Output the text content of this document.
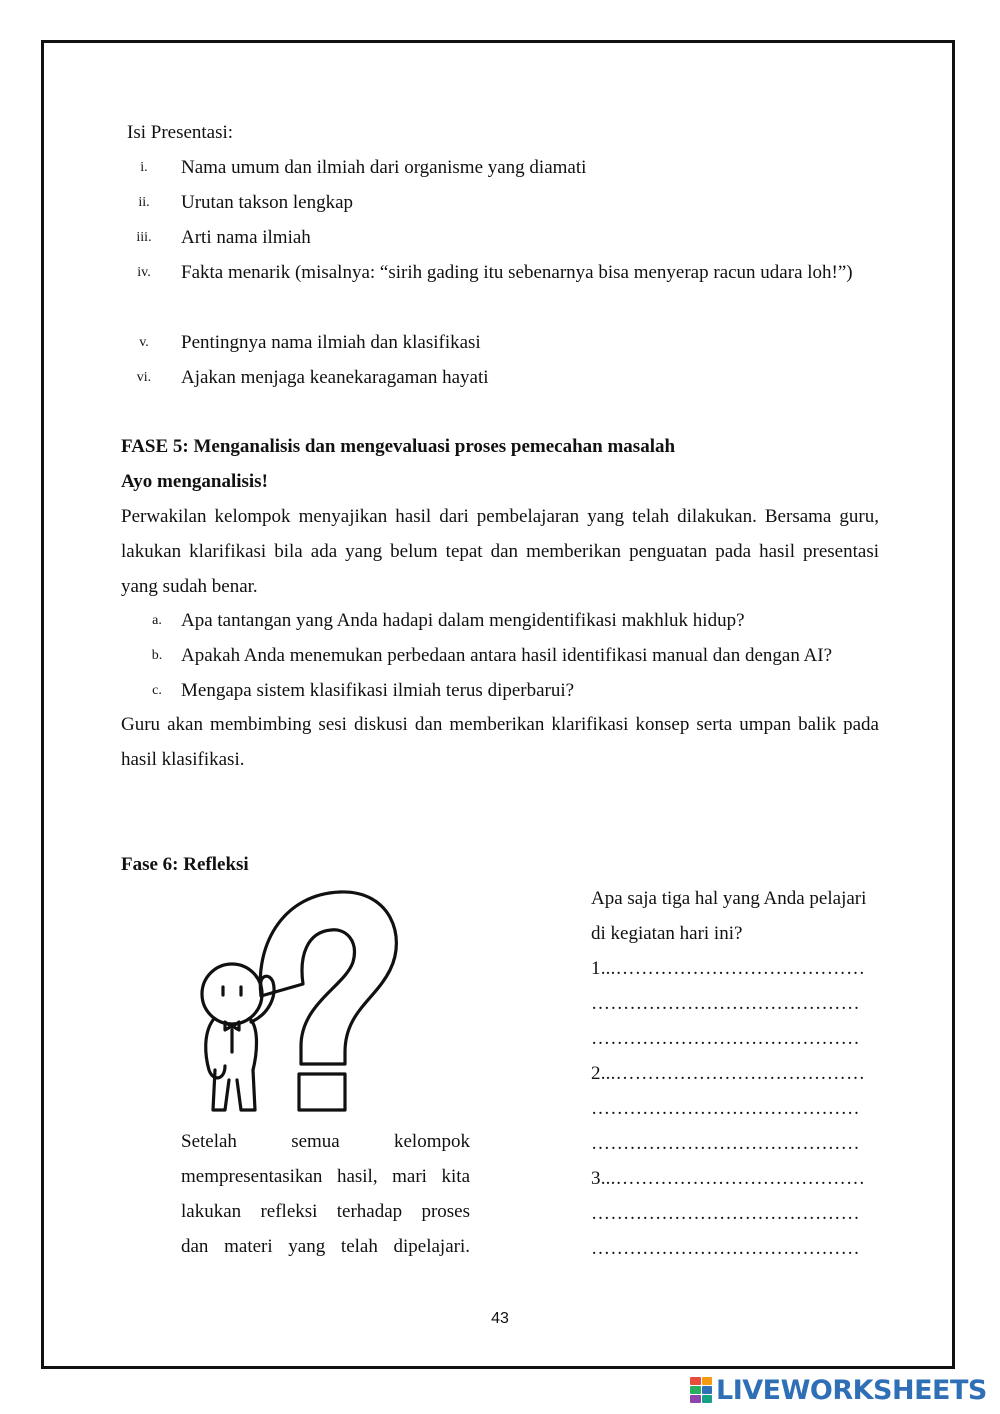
Isi Presentasi:

i.	Nama umum dan ilmiah dari organisme yang diamati
ii.	Urutan takson lengkap
iii.	Arti nama ilmiah
iv.	Fakta menarik (misalnya: “sirih gading itu sebenarnya bisa menyerap racun udara loh!”)
v.	Pentingnya nama ilmiah dan klasifikasi
vi.	Ajakan menjaga keanekaragaman hayati

FASE 5: Menganalisis dan mengevaluasi proses pemecahan masalah

Ayo menganalisis!

Perwakilan kelompok menyajikan hasil dari pembelajaran yang telah dilakukan. Bersama guru, lakukan klarifikasi bila ada yang belum tepat dan memberikan penguatan pada hasil presentasi yang sudah benar.
a.	Apa tantangan yang Anda hadapi dalam mengidentifikasi makhluk hidup?
b. Apakah Anda menemukan perbedaan antara hasil identifikasi manual dan dengan AI?
c.	Mengapa sistem klasifikasi ilmiah terus diperbarui?
Guru akan membimbing sesi diskusi dan memberikan klarifikasi konsep serta umpan balik pada hasil klasifikasi.

Fase 6: Refleksi

Setelah semua kelompok
mempresentasikan hasil, mari kita
lakukan refleksi terhadap proses
dan materi yang telah dipelajari.
Apa saja tiga hal yang Anda pelajari di kegiatan hari ini?
1...…………………………………
……………………………………
……………………………………
2...…………………………………
……………………………………
……………………………………
3...…………………………………
……………………………………
……………………………………
43
LIVEWORKSHEETS
